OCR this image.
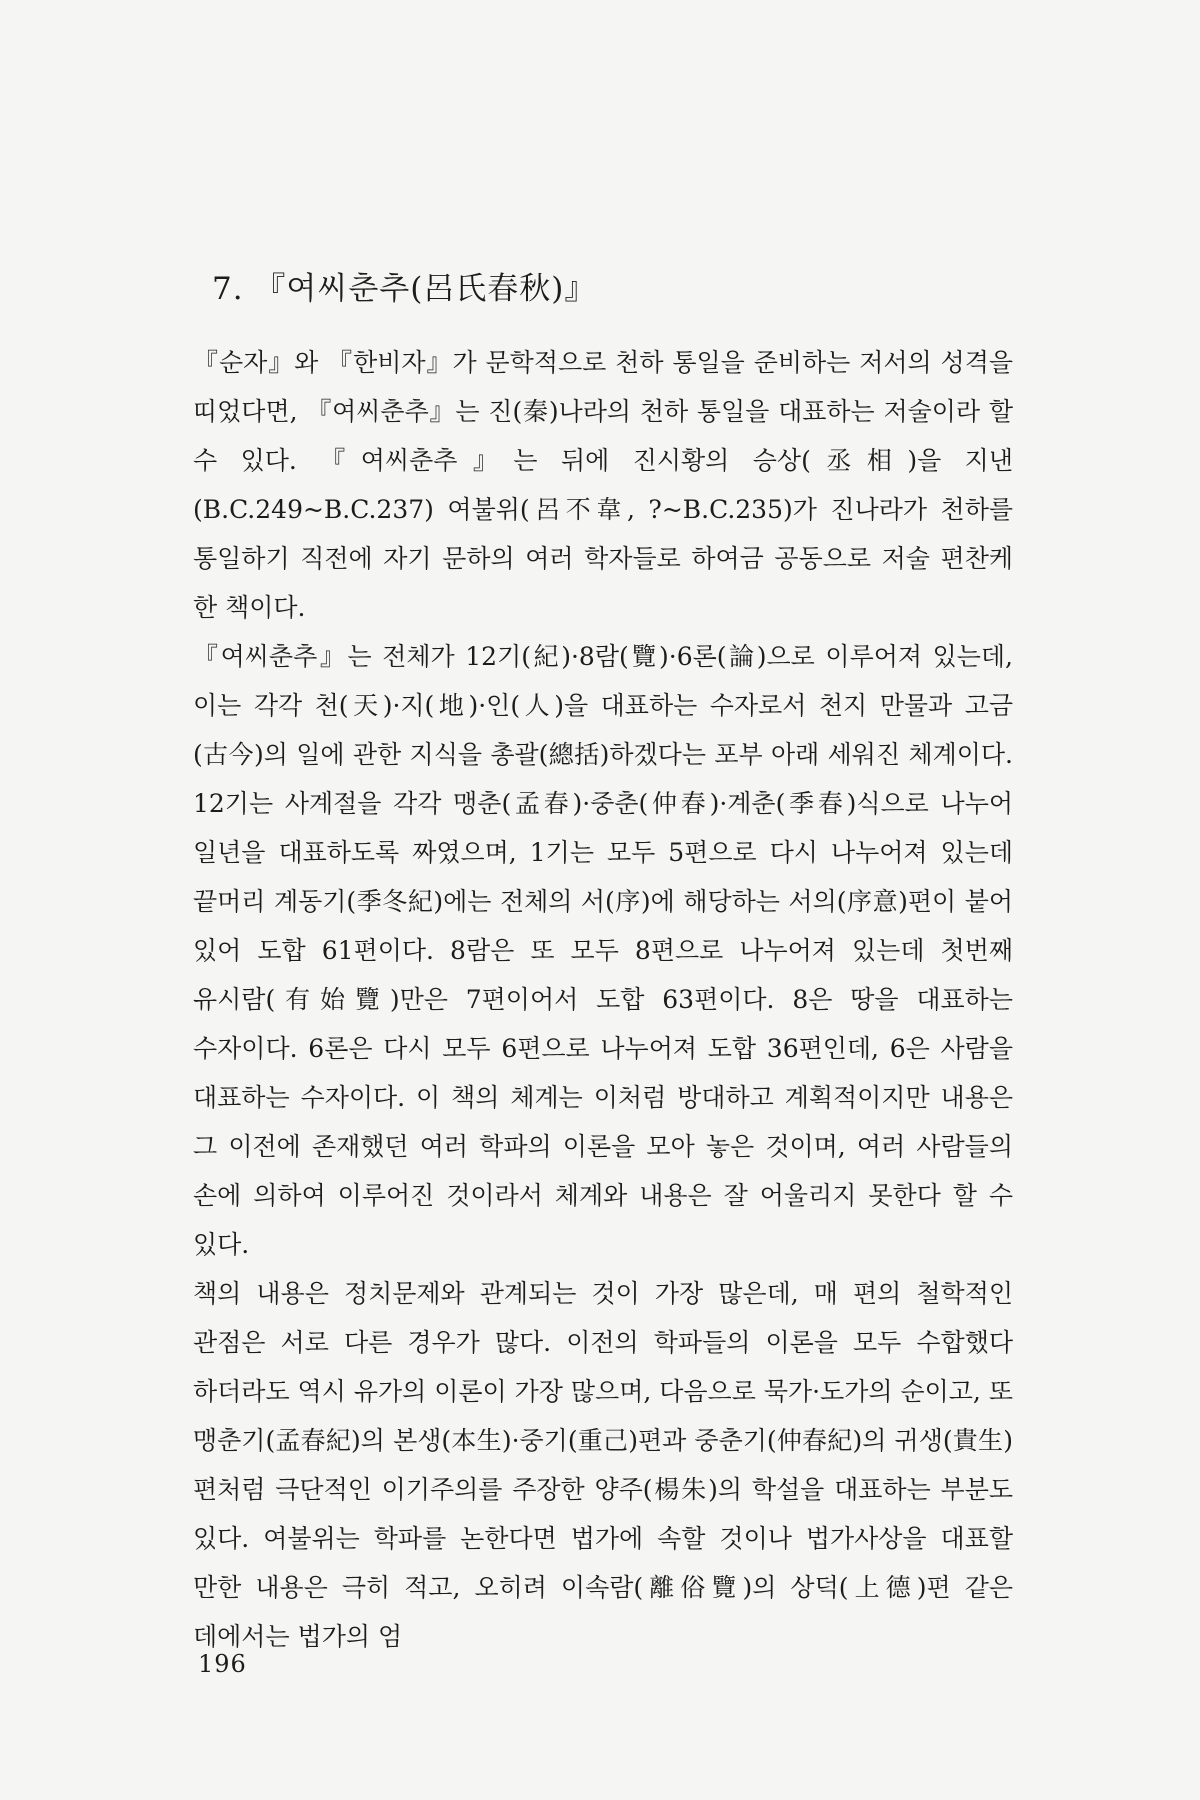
7. 『여씨춘추(呂氏春秋)』

『순자』와 『한비자』가 문학적으로 천하 통일을 준비하는 저서의 성격을 띠었다면, 『여씨춘추』는 진(秦)나라의 천하 통일을 대표하는 저술이라 할 수 있다. 『여씨춘추』는 뒤에 진시황의 승상(丞相)을 지낸(B.C.249~B.C.237) 여불위(呂不韋, ?~B.C.235)가 진나라가 천하를 통일하기 직전에 자기 문하의 여러 학자들로 하여금 공동으로 저술 편찬케 한 책이다.

『여씨춘추』는 전체가 12기(紀)·8람(覽)·6론(論)으로 이루어져 있는데, 이는 각각 천(天)·지(地)·인(人)을 대표하는 수자로서 천지 만물과 고금(古今)의 일에 관한 지식을 총괄(總括)하겠다는 포부 아래 세워진 체계이다. 12기는 사계절을 각각 맹춘(孟春)·중춘(仲春)·계춘(季春)식으로 나누어 일년을 대표하도록 짜였으며, 1기는 모두 5편으로 다시 나누어져 있는데 끝머리 계동기(季冬紀)에는 전체의 서(序)에 해당하는 서의(序意)편이 붙어 있어 도합 61편이다. 8람은 또 모두 8편으로 나누어져 있는데 첫번째 유시람(有始覽)만은 7편이어서 도합 63편이다. 8은 땅을 대표하는 수자이다. 6론은 다시 모두 6편으로 나누어져 도합 36편인데, 6은 사람을 대표하는 수자이다. 이 책의 체계는 이처럼 방대하고 계획적이지만 내용은 그 이전에 존재했던 여러 학파의 이론을 모아 놓은 것이며, 여러 사람들의 손에 의하여 이루어진 것이라서 체계와 내용은 잘 어울리지 못한다 할 수 있다.

책의 내용은 정치문제와 관계되는 것이 가장 많은데, 매 편의 철학적인 관점은 서로 다른 경우가 많다. 이전의 학파들의 이론을 모두 수합했다 하더라도 역시 유가의 이론이 가장 많으며, 다음으로 묵가·도가의 순이고, 또 맹춘기(孟春紀)의 본생(本生)·중기(重己)편과 중춘기(仲春紀)의 귀생(貴生)편처럼 극단적인 이기주의를 주장한 양주(楊朱)의 학설을 대표하는 부분도 있다. 여불위는 학파를 논한다면 법가에 속할 것이나 법가사상을 대표할 만한 내용은 극히 적고, 오히려 이속람(離俗覽)의 상덕(上德)편 같은 데에서는 법가의 엄

196
